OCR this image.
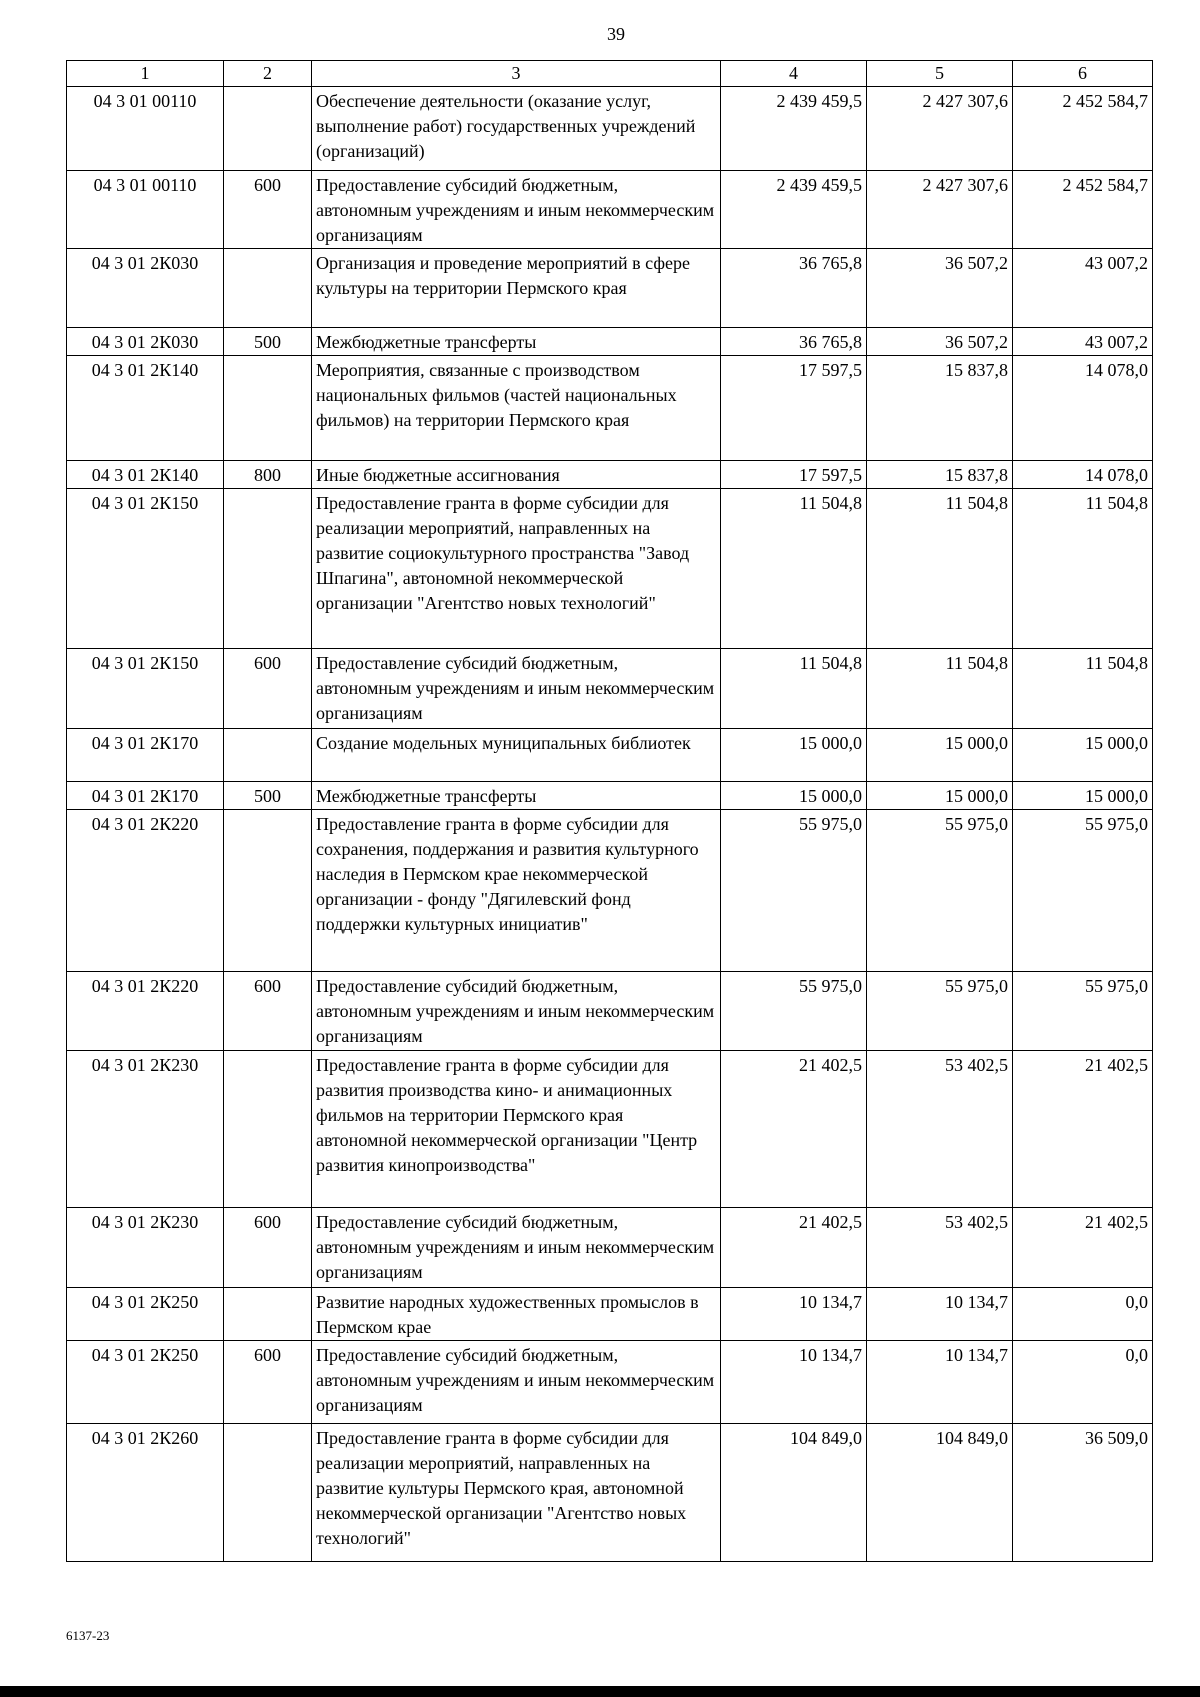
39
1	2	3	4	5	6
04 3 01 00110		Обеспечение деятельности (оказание услуг, выполнение работ) государственных учреждений (организаций)	2 439 459,5	2 427 307,6	2 452 584,7
04 3 01 00110	600	Предоставление субсидий бюджетным, автономным учреждениям и иным некоммерческим организациям	2 439 459,5	2 427 307,6	2 452 584,7
04 3 01 2К030		Организация и проведение мероприятий в сфере культуры на территории Пермского края	36 765,8	36 507,2	43 007,2
04 3 01 2К030	500	Межбюджетные трансферты	36 765,8	36 507,2	43 007,2
04 3 01 2К140		Мероприятия, связанные с производством национальных фильмов (частей национальных фильмов) на территории Пермского края	17 597,5	15 837,8	14 078,0
04 3 01 2К140	800	Иные бюджетные ассигнования	17 597,5	15 837,8	14 078,0
04 3 01 2К150		Предоставление гранта в форме субсидии для реализации мероприятий, направленных на развитие социокультурного пространства "Завод Шпагина", автономной некоммерческой организации "Агентство новых технологий"	11 504,8	11 504,8	11 504,8
04 3 01 2К150	600	Предоставление субсидий бюджетным, автономным учреждениям и иным некоммерческим организациям	11 504,8	11 504,8	11 504,8
04 3 01 2К170		Создание модельных муниципальных библиотек	15 000,0	15 000,0	15 000,0
04 3 01 2К170	500	Межбюджетные трансферты	15 000,0	15 000,0	15 000,0
04 3 01 2К220		Предоставление гранта в форме субсидии для сохранения, поддержания и развития культурного наследия в Пермском крае некоммерческой организации - фонду "Дягилевский фонд поддержки культурных инициатив"	55 975,0	55 975,0	55 975,0
04 3 01 2К220	600	Предоставление субсидий бюджетным, автономным учреждениям и иным некоммерческим организациям	55 975,0	55 975,0	55 975,0
04 3 01 2К230		Предоставление гранта в форме субсидии для развития производства кино- и анимационных фильмов на территории Пермского края автономной некоммерческой организации "Центр развития кинопроизводства"	21 402,5	53 402,5	21 402,5
04 3 01 2К230	600	Предоставление субсидий бюджетным, автономным учреждениям и иным некоммерческим организациям	21 402,5	53 402,5	21 402,5
04 3 01 2К250		Развитие народных художественных промыслов в Пермском крае	10 134,7	10 134,7	0,0
04 3 01 2К250	600	Предоставление субсидий бюджетным, автономным учреждениям и иным некоммерческим организациям	10 134,7	10 134,7	0,0
04 3 01 2К260		Предоставление гранта в форме субсидии для реализации мероприятий, направленных на развитие культуры Пермского края, автономной некоммерческой организации "Агентство новых технологий"	104 849,0	104 849,0	36 509,0
6137-23
